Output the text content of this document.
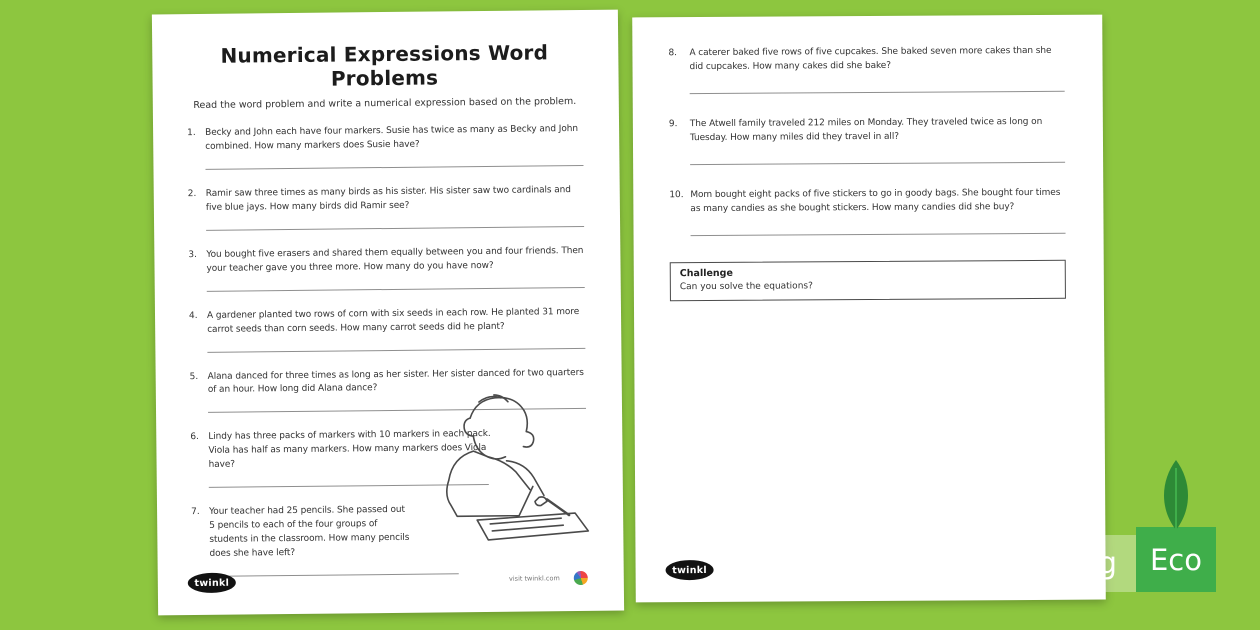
Numerical Expressions Word Problems

Read the word problem and write a numerical expression based on the problem.

1.	Becky and John each have four markers. Susie has twice as many as Becky and John combined. How many markers does Susie have?

2.	Ramir saw three times as many birds as his sister. His sister saw two cardinals and five blue jays. How many birds did Ramir see?

3.	You bought five erasers and shared them equally between you and four friends. Then your teacher gave you three more. How many do you have now?

4.	A gardener planted two rows of corn with six seeds in each row. He planted 31 more carrot seeds than corn seeds. How many carrot seeds did he plant?

5.	Alana danced for three times as long as her sister. Her sister danced for two quarters of an hour. How long did Alana dance?

6.	Lindy has three packs of markers with 10 markers in each pack. Viola has half as many markers. How many markers does Viola have?

7.	Your teacher had 25 pencils. She passed out 5 pencils to each of the four groups of students in the classroom. How many pencils does she have left?

twinkl	visit twinkl.com
8.	A caterer baked five rows of five cupcakes. She baked seven more cakes than she did cupcakes. How many cakes did she bake?

9.	The Atwell family traveled 212 miles on Monday. They traveled twice as long on Tuesday. How many miles did they travel in all?

10. Mom bought eight packs of five stickers to go in goody bags. She bought four times as many candies as she bought stickers. How many candies did she buy?

Challenge
Can you solve the equations?
twinkl	ink saving Eco
